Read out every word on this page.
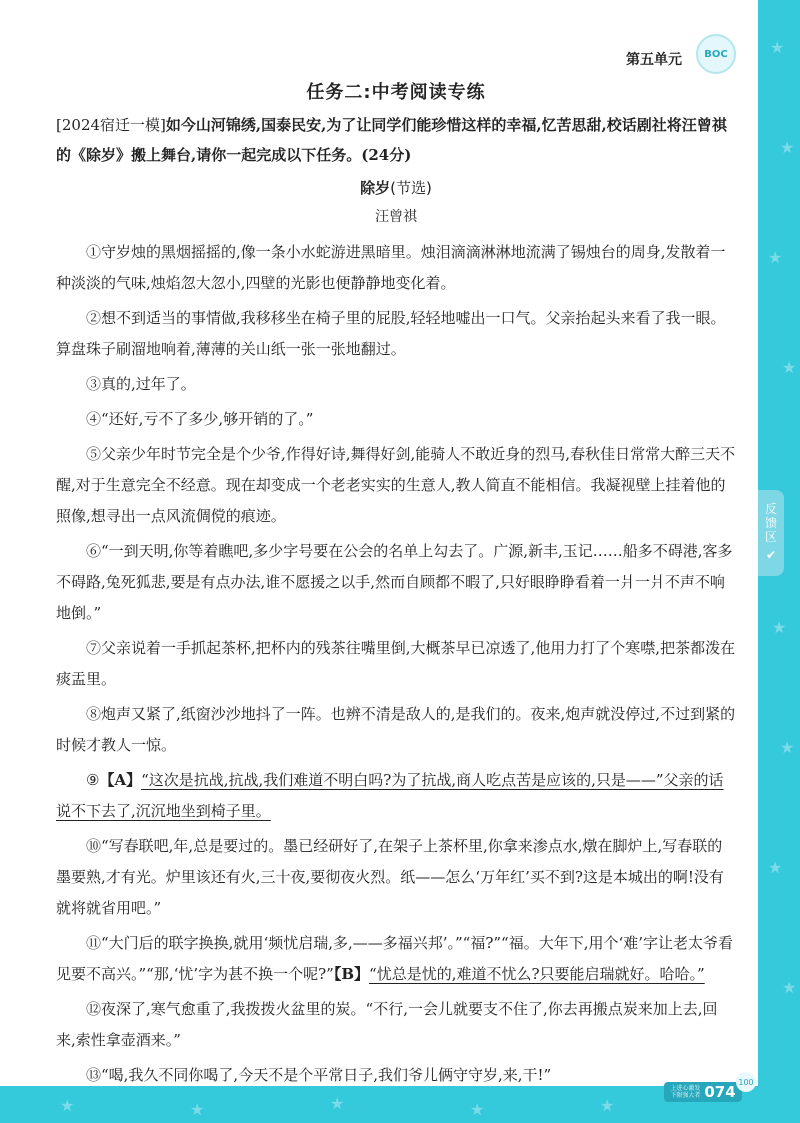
★
★
★
★
★
★
★
★
★	★	★	★	★
第五单元	BOC
任务二:中考阅读专练

[2024宿迁一模]如今山河锦绣,国泰民安,为了让同学们能珍惜这样的幸福,忆苦思甜,校话剧社将汪曾祺的《除岁》搬上舞台,请你一起完成以下任务。(24分)

除岁(节选)
汪曾祺

①守岁烛的黑烟摇摇的,像一条小水蛇游进黑暗里。烛泪滴滴淋淋地流满了锡烛台的周身,发散着一种淡淡的气味,烛焰忽大忽小,四壁的光影也便静静地变化着。

②想不到适当的事情做,我移移坐在椅子里的屁股,轻轻地嘘出一口气。父亲抬起头来看了我一眼。算盘珠子刷溜地响着,薄薄的关山纸一张一张地翻过。

③真的,过年了。

④“还好,亏不了多少,够开销的了。”

⑤父亲少年时节完全是个少爷,作得好诗,舞得好剑,能骑人不敢近身的烈马,春秋佳日常常大醉三天不醒,对于生意完全不经意。现在却变成一个老老实实的生意人,教人简直不能相信。我凝视壁上挂着他的照像,想寻出一点风流倜傥的痕迹。

⑥“一到天明,你等着瞧吧,多少字号要在公会的名单上勾去了。广源,新丰,玉记……船多不碍港,客多不碍路,兔死狐悲,要是有点办法,谁不愿援之以手,然而自顾都不暇了,只好眼睁睁看着一爿一爿不声不响地倒。”

⑦父亲说着一手抓起茶杯,把杯内的残茶往嘴里倒,大概茶早已凉透了,他用力打了个寒噤,把茶都泼在痰盂里。

⑧炮声又紧了,纸窗沙沙地抖了一阵。也辨不清是敌人的,是我们的。夜来,炮声就没停过,不过到紧的时候才教人一惊。

⑨【A】“这次是抗战,抗战,我们难道不明白吗?为了抗战,商人吃点苦是应该的,只是——”父亲的话说不下去了,沉沉地坐到椅子里。

⑩“写春联吧,年,总是要过的。墨已经研好了,在架子上茶杯里,你拿来渗点水,燉在脚炉上,写春联的墨要熟,才有光。炉里该还有火,三十夜,要彻夜火烈。纸——怎么‘万年红’买不到?这是本城出的啊!没有就将就省用吧。”

⑪“大门后的联字换换,就用‘频忧启瑞,多,——多福兴邦’。”“福?”“福。大年下,用个‘难’字让老太爷看见要不高兴。”“那,‘忧’字为甚不换一个呢?”【B】“忧总是忧的,难道不忧么?只要能启瑞就好。哈哈。”

⑫夜深了,寒气愈重了,我拨拨火盆里的炭。“不行,一会儿就要支不住了,你去再搬点炭来加上去,回来,索性拿壶酒来。”

⑬“喝,我久不同你喝了,今天不是个平常日子,我们爷儿俩守守岁,来,干!”

反
馈
区
✔
上进心激发
下限强大者 074
100
